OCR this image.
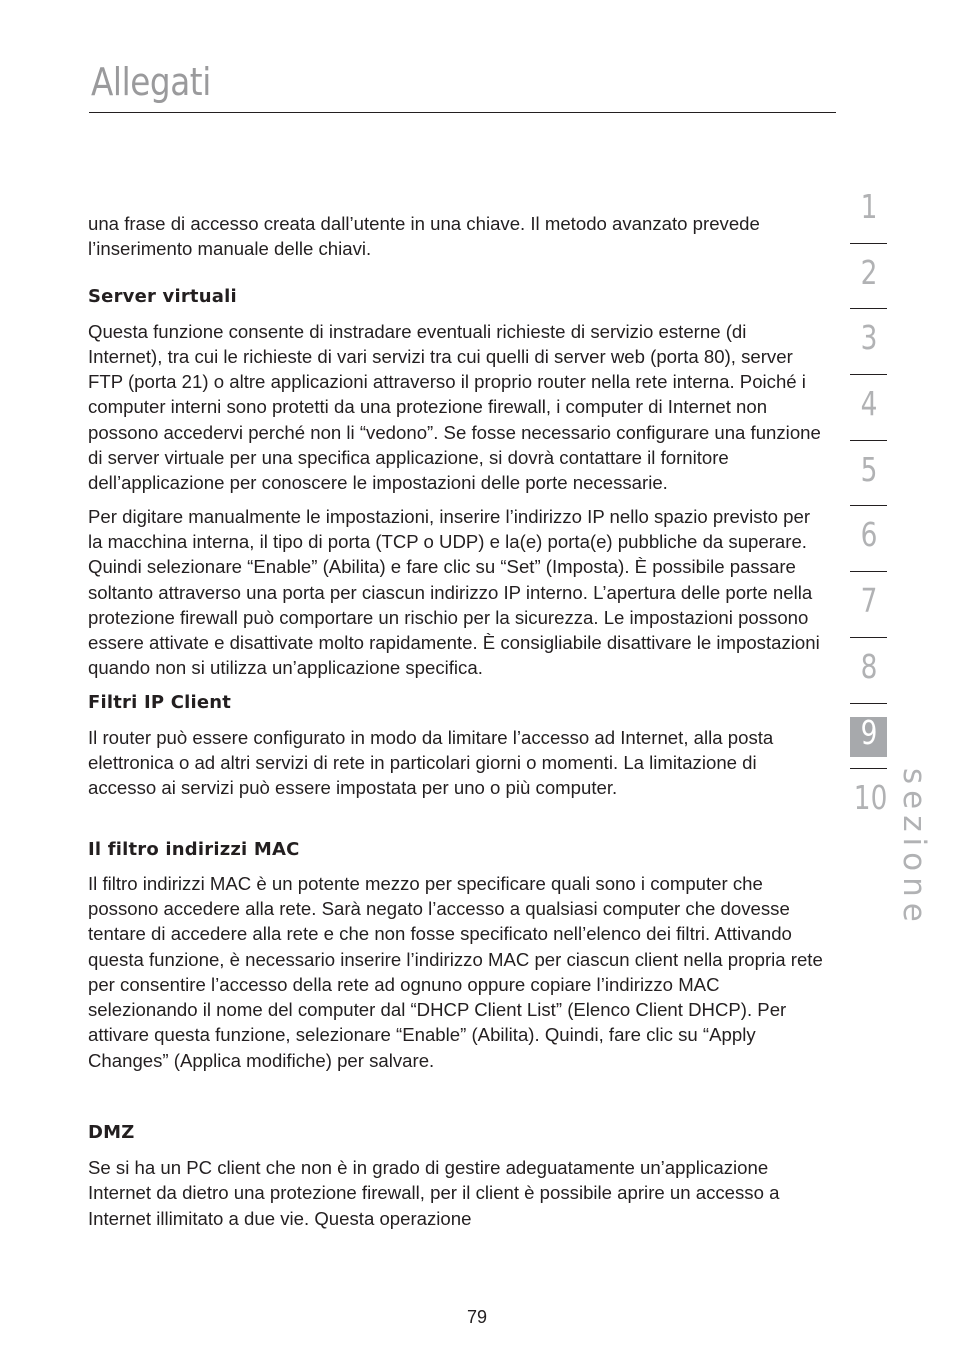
Allegati

una frase di accesso creata dall’utente in una chiave. Il metodo avanzato prevede l’inserimento manuale delle chiavi.

Server virtuali

Questa funzione consente di instradare eventuali richieste di servizio esterne (di Internet), tra cui le richieste di vari servizi tra cui quelli di server web (porta 80), server FTP (porta 21) o altre applicazioni attraverso il proprio router nella rete interna. Poiché i computer interni sono protetti da una protezione firewall, i computer di Internet non possono accedervi perché non li “vedono”. Se fosse necessario configurare una funzione di server virtuale per una specifica applicazione, si dovrà contattare il fornitore dell’applicazione per conoscere le impostazioni delle porte necessarie.

Per digitare manualmente le impostazioni, inserire l’indirizzo IP nello spazio previsto per la macchina interna, il tipo di porta (TCP o UDP) e la(e) porta(e) pubbliche da superare. Quindi selezionare “Enable” (Abilita) e fare clic su “Set” (Imposta). È possibile passare soltanto attraverso una porta per ciascun indirizzo IP interno. L’apertura delle porte nella protezione firewall può comportare un rischio per la sicurezza. Le impostazioni possono essere attivate e disattivate molto rapidamente. È consigliabile disattivare le impostazioni quando non si utilizza un’applicazione specifica.

Filtri IP Client

Il router può essere configurato in modo da limitare l’accesso ad Internet, alla posta elettronica o ad altri servizi di rete in particolari giorni o momenti. La limitazione di accesso ai servizi può essere impostata per uno o più computer.

Il filtro indirizzi MAC

Il filtro indirizzi MAC è un potente mezzo per specificare quali sono i computer che possono accedere alla rete. Sarà negato l’accesso a qualsiasi computer che dovesse tentare di accedere alla rete e che non fosse specificato nell’elenco dei filtri. Attivando questa funzione, è necessario inserire l’indirizzo MAC per ciascun client nella propria rete per consentire l’accesso della rete ad ognuno oppure copiare l’indirizzo MAC selezionando il nome del computer dal “DHCP Client List” (Elenco Client DHCP). Per attivare questa funzione, selezionare “Enable” (Abilita). Quindi, fare clic su “Apply Changes” (Applica modifiche) per salvare.

DMZ

Se si ha un PC client che non è in grado di gestire adeguatamente un’applicazione Internet da dietro una protezione firewall, per il client è possibile aprire un accesso a Internet illimitato a due vie. Questa operazione

1
2
3
4
5
6
7
8
9
10 sezione
79
